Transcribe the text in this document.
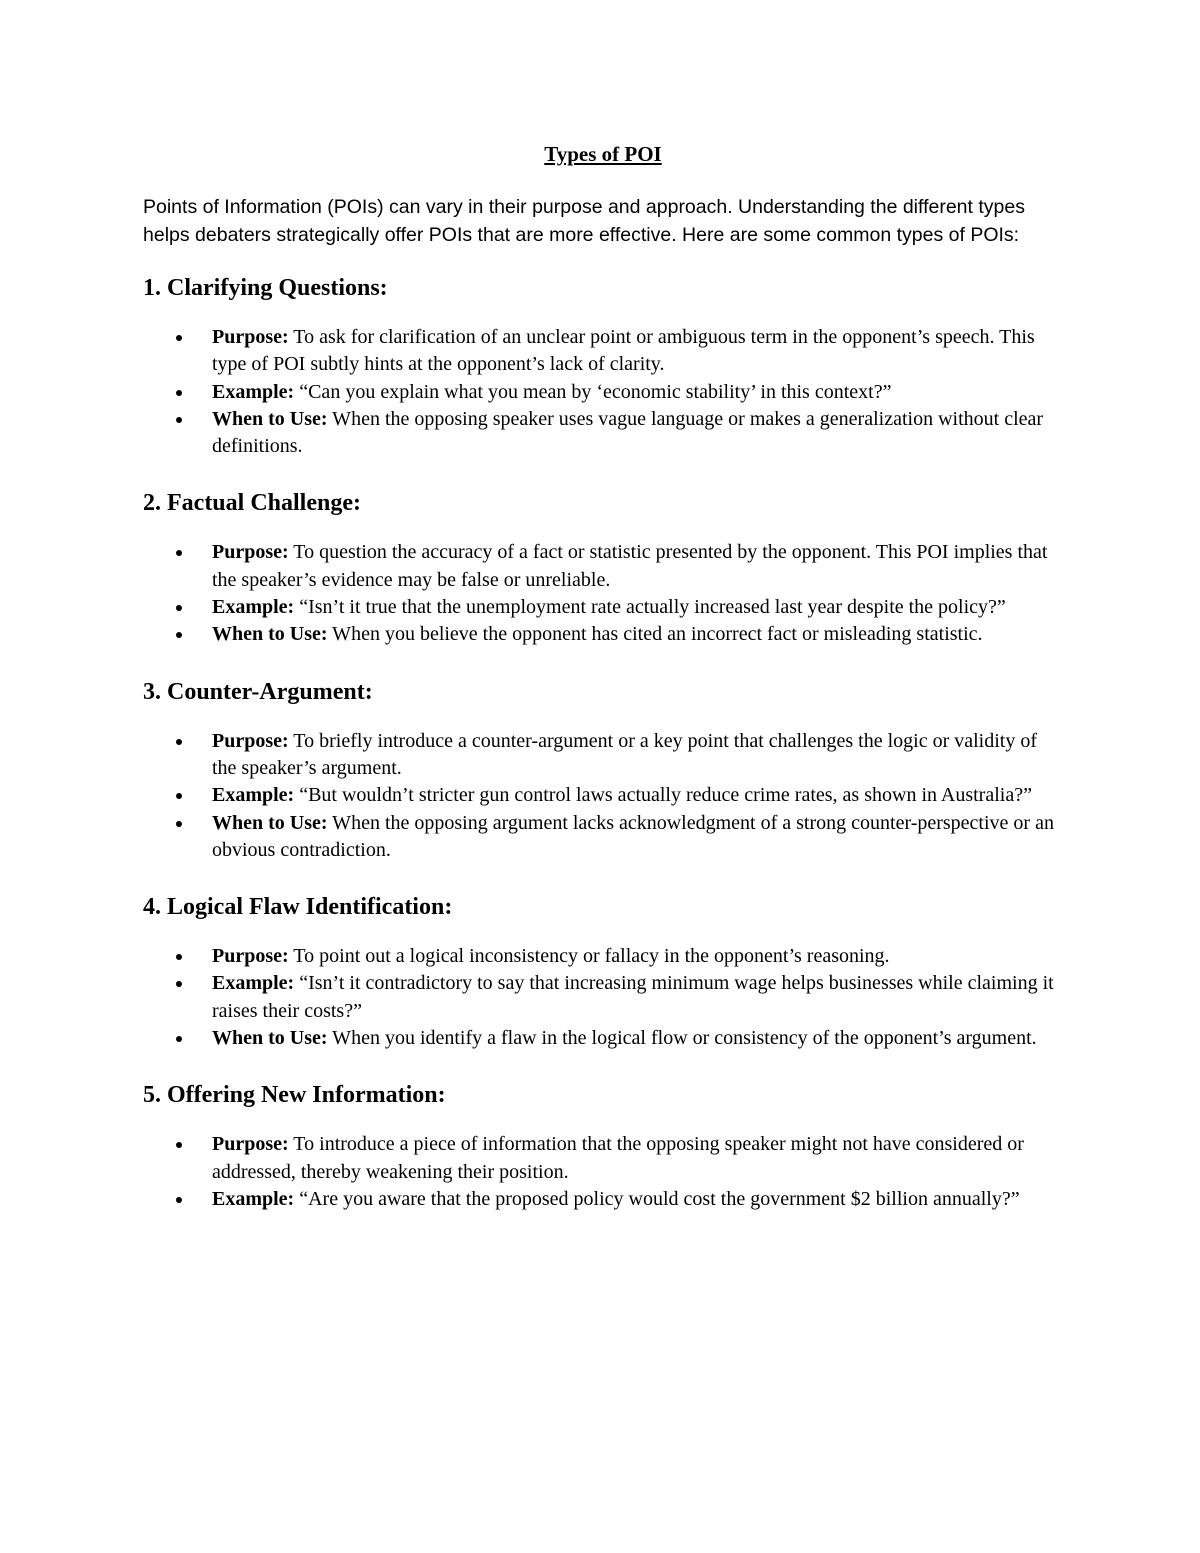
Types of POI
Points of Information (POIs) can vary in their purpose and approach. Understanding the different types helps debaters strategically offer POIs that are more effective. Here are some common types of POIs:
1. Clarifying Questions:
Purpose: To ask for clarification of an unclear point or ambiguous term in the opponent’s speech. This type of POI subtly hints at the opponent’s lack of clarity.
Example: “Can you explain what you mean by ‘economic stability’ in this context?”
When to Use: When the opposing speaker uses vague language or makes a generalization without clear definitions.
2. Factual Challenge:
Purpose: To question the accuracy of a fact or statistic presented by the opponent. This POI implies that the speaker’s evidence may be false or unreliable.
Example: “Isn’t it true that the unemployment rate actually increased last year despite the policy?”
When to Use: When you believe the opponent has cited an incorrect fact or misleading statistic.
3. Counter-Argument:
Purpose: To briefly introduce a counter-argument or a key point that challenges the logic or validity of the speaker’s argument.
Example: “But wouldn’t stricter gun control laws actually reduce crime rates, as shown in Australia?”
When to Use: When the opposing argument lacks acknowledgment of a strong counter-perspective or an obvious contradiction.
4. Logical Flaw Identification:
Purpose: To point out a logical inconsistency or fallacy in the opponent’s reasoning.
Example: “Isn’t it contradictory to say that increasing minimum wage helps businesses while claiming it raises their costs?”
When to Use: When you identify a flaw in the logical flow or consistency of the opponent’s argument.
5. Offering New Information:
Purpose: To introduce a piece of information that the opposing speaker might not have considered or addressed, thereby weakening their position.
Example: “Are you aware that the proposed policy would cost the government $2 billion annually?”
